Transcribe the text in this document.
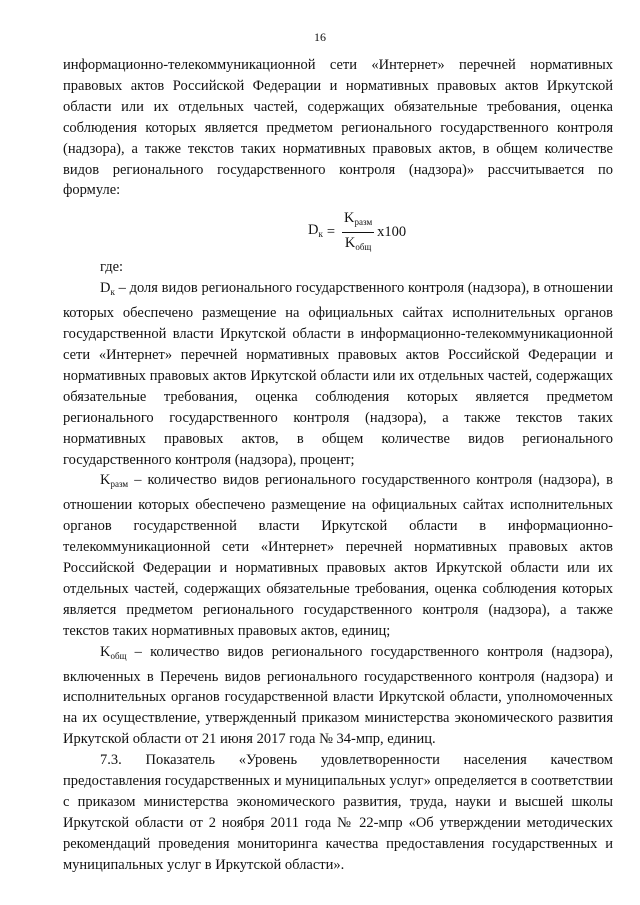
16

информационно-телекоммуникационной сети «Интернет» перечней нормативных правовых актов Российской Федерации и нормативных правовых актов Иркутской области или их отдельных частей, содержащих обязательные требования, оценка соблюдения которых является предметом регионального государственного контроля (надзора), а также текстов таких нормативных правовых актов, в общем количестве видов регионального государственного контроля (надзора)» рассчитывается по формуле:

$D_к = \frac{K_{разм}}{K_{общ}} x100$

где:

$D_к$ – доля видов регионального государственного контроля (надзора), в отношении которых обеспечено размещение на официальных сайтах исполнительных органов государственной власти Иркутской области в информационно-телекоммуникационной сети «Интернет» перечней нормативных правовых актов Российской Федерации и нормативных правовых актов Иркутской области или их отдельных частей, содержащих обязательные требования, оценка соблюдения которых является предметом регионального государственного контроля (надзора), а также текстов таких нормативных правовых актов, в общем количестве видов регионального государственного контроля (надзора), процент;

$K_{разм}$ – количество видов регионального государственного контроля (надзора), в отношении которых обеспечено размещение на официальных сайтах исполнительных органов государственной власти Иркутской области в информационно-телекоммуникационной сети «Интернет» перечней нормативных правовых актов Российской Федерации и нормативных правовых актов Иркутской области или их отдельных частей, содержащих обязательные требования, оценка соблюдения которых является предметом регионального государственного контроля (надзора), а также текстов таких нормативных правовых актов, единиц;

$K_{общ}$ – количество видов регионального государственного контроля (надзора), включенных в Перечень видов регионального государственного контроля (надзора) и исполнительных органов государственной власти Иркутской области, уполномоченных на их осуществление, утвержденный приказом министерства экономического развития Иркутской области от 21 июня 2017 года № 34-мпр, единиц.

7.3. Показатель «Уровень удовлетворенности населения качеством предоставления государственных и муниципальных услуг» определяется в соответствии с приказом министерства экономического развития, труда, науки и высшей школы Иркутской области от 2 ноября 2011 года № 22-мпр «Об утверждении методических рекомендаций проведения мониторинга качества предоставления государственных и муниципальных услуг в Иркутской области».
